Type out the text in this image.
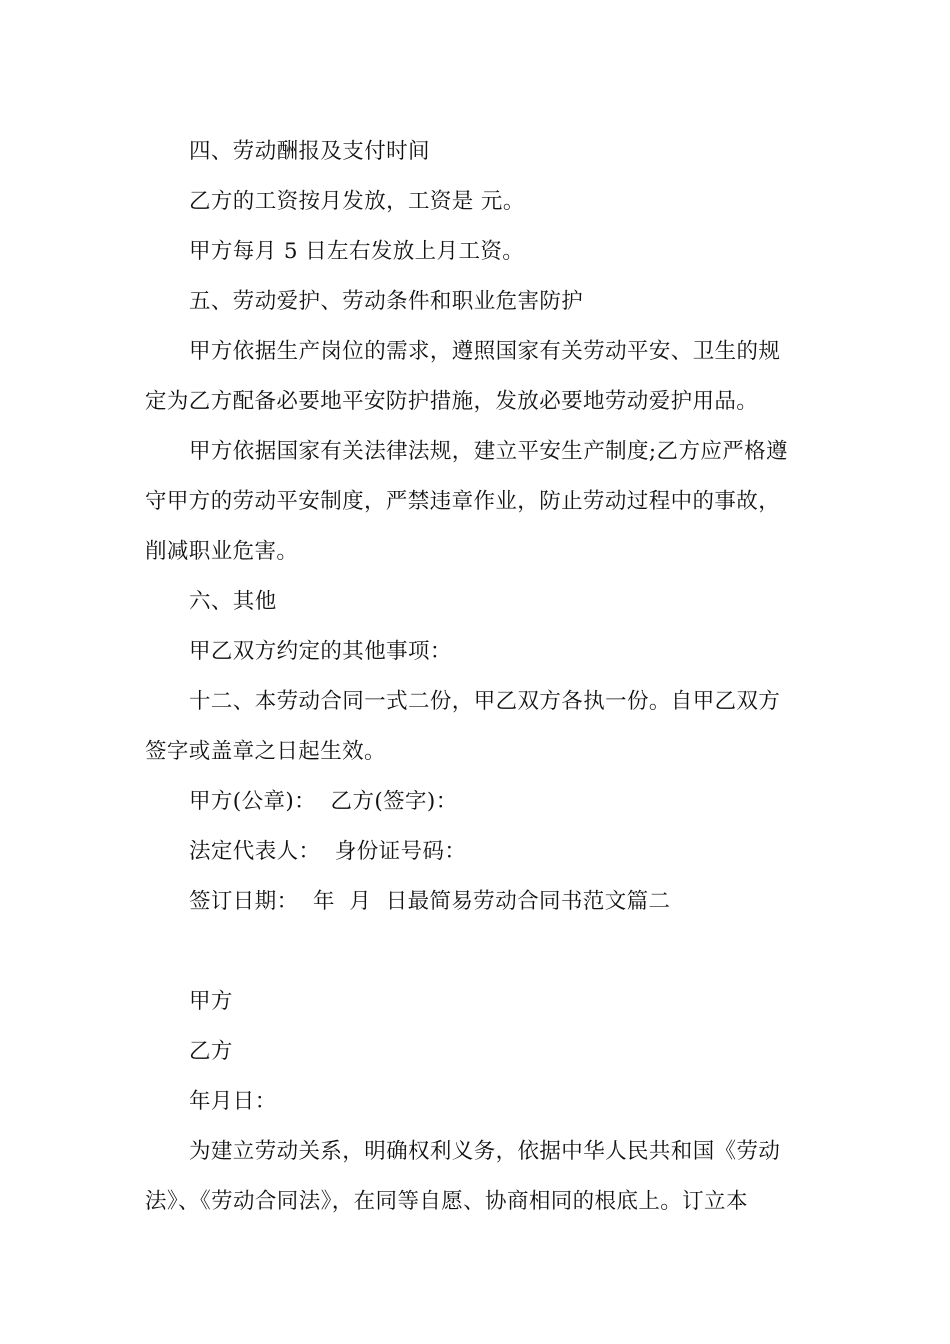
四、劳动酬报及支付时间
乙方的工资按月发放，工资是 元。
甲方每月 5 日左右发放上月工资。
五、劳动爱护、劳动条件和职业危害防护
甲方依据生产岗位的需求，遵照国家有关劳动平安、卫生的规
定为乙方配备必要地平安防护措施，发放必要地劳动爱护用品。
甲方依据国家有关法律法规，建立平安生产制度;乙方应严格遵
守甲方的劳动平安制度，严禁违章作业，防止劳动过程中的事故，
削减职业危害。
六、其他
甲乙双方约定的其他事项：
十二、本劳动合同一式二份，甲乙双方各执一份。自甲乙双方
签字或盖章之日起生效。
甲方(公章)：  乙方(签字)：
法定代表人：  身份证号码：
签订日期：  年  月  日最简易劳动合同书范文篇二
甲方
乙方
年月日：
为建立劳动关系，明确权利义务，依据中华人民共和国《劳动
法》、《劳动合同法》，在同等自愿、协商相同的根底上。订立本
